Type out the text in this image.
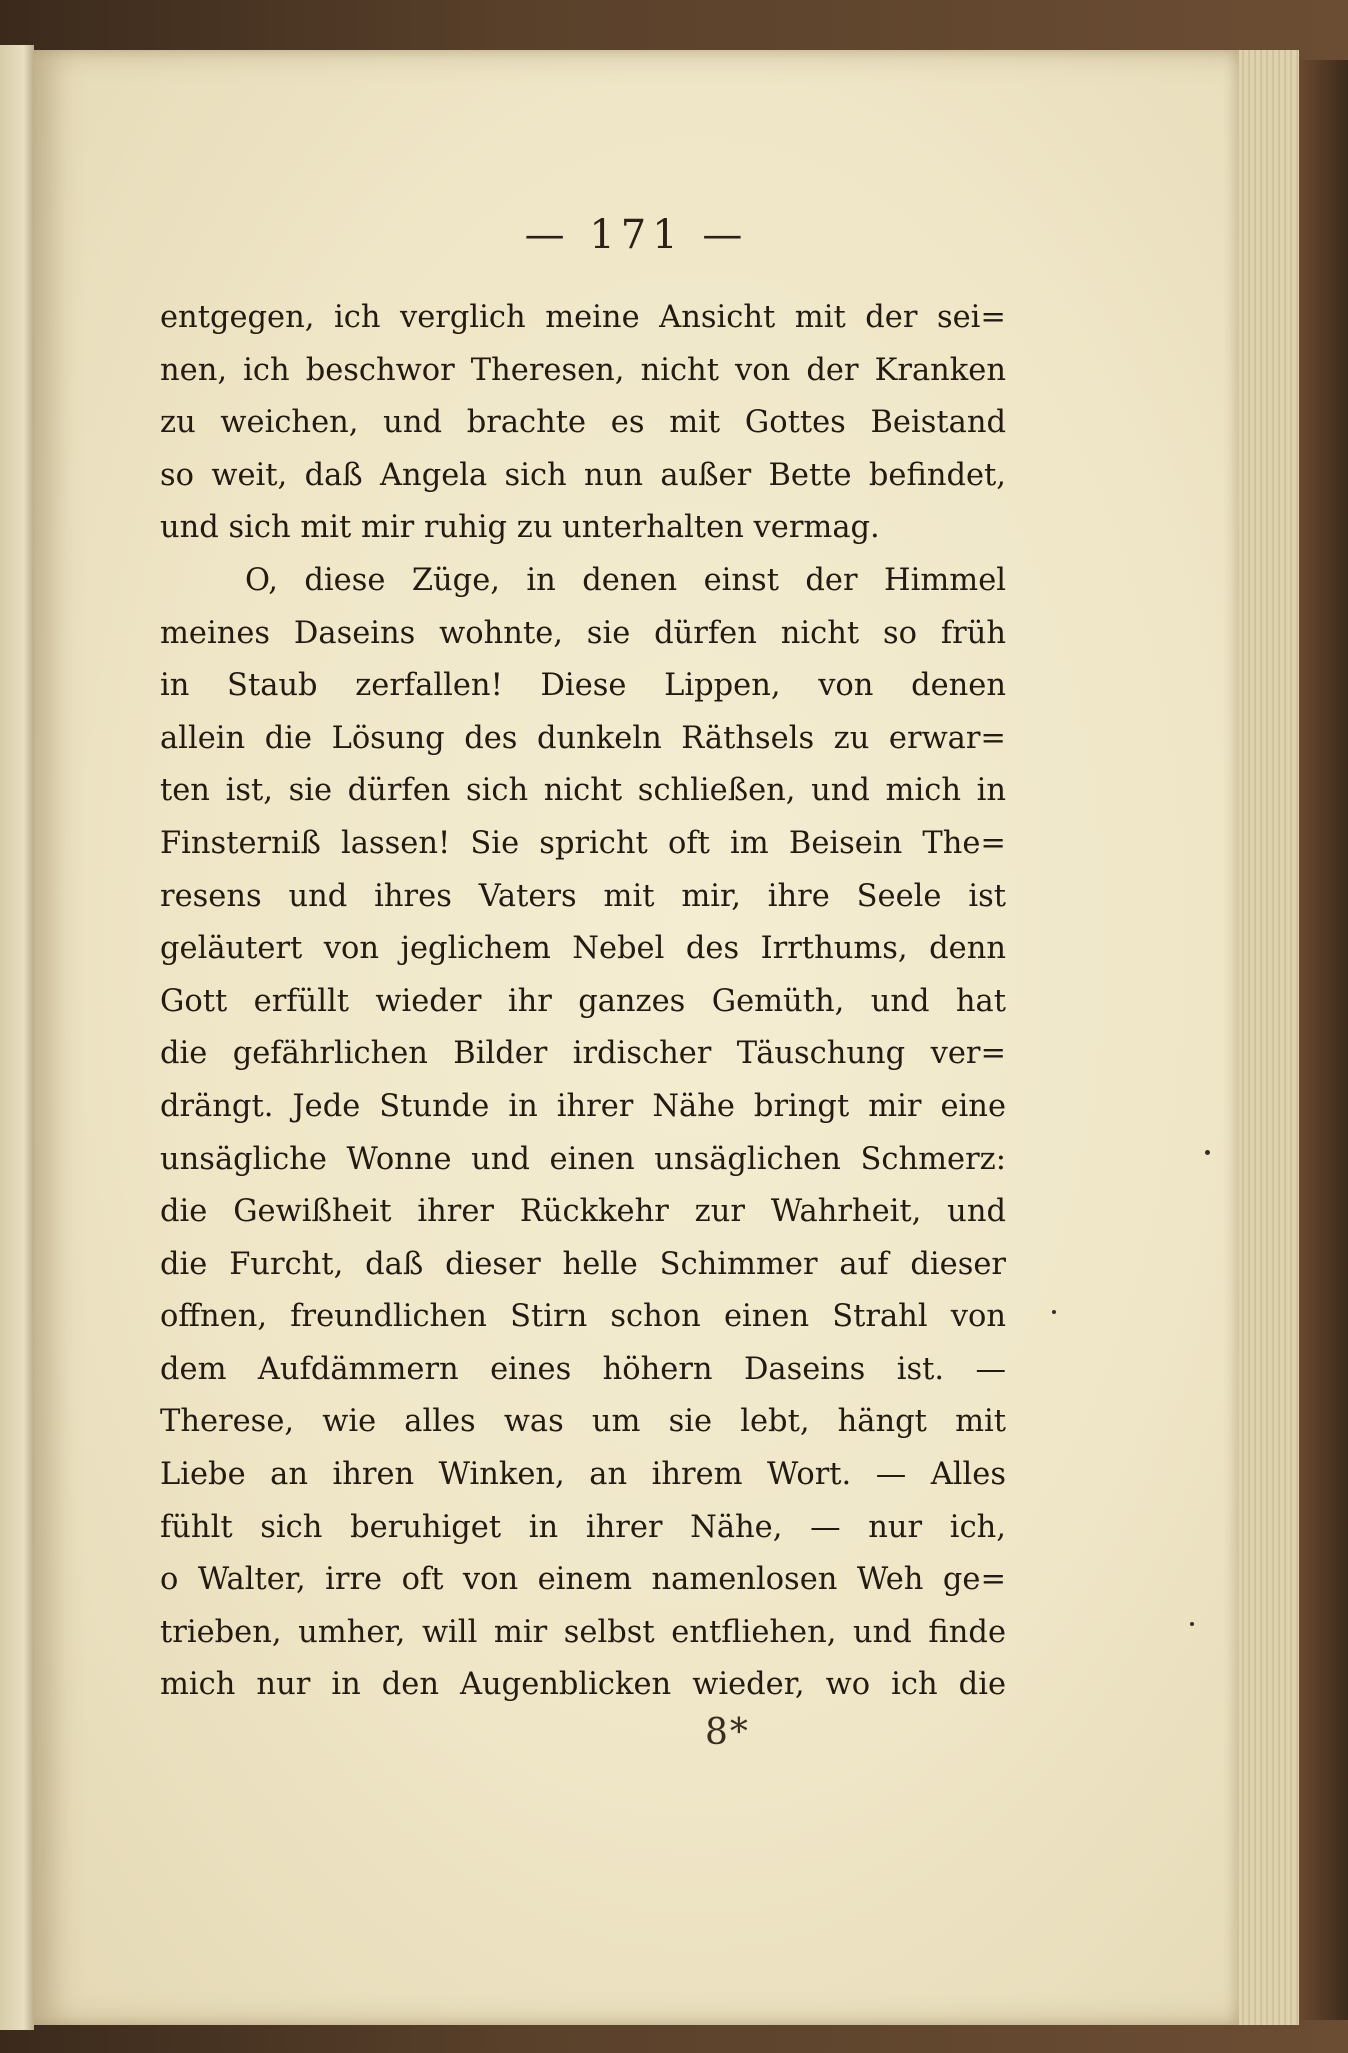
— 171 —
entgegen, ich verglich meine Ansicht mit der sei=
nen, ich beschwor Theresen, nicht von der Kranken
zu weichen, und brachte es mit Gottes Beistand
so weit, daß Angela sich nun außer Bette befindet,
und sich mit mir ruhig zu unterhalten vermag.
O, diese Züge, in denen einst der Himmel
meines Daseins wohnte, sie dürfen nicht so früh
in Staub zerfallen! Diese Lippen, von denen
allein die Lösung des dunkeln Räthsels zu erwar=
ten ist, sie dürfen sich nicht schließen, und mich in
Finsterniß lassen! Sie spricht oft im Beisein The=
resens und ihres Vaters mit mir, ihre Seele ist
geläutert von jeglichem Nebel des Irrthums, denn
Gott erfüllt wieder ihr ganzes Gemüth, und hat
die gefährlichen Bilder irdischer Täuschung ver=
drängt. Jede Stunde in ihrer Nähe bringt mir eine
unsägliche Wonne und einen unsäglichen Schmerz:
die Gewißheit ihrer Rückkehr zur Wahrheit, und
die Furcht, daß dieser helle Schimmer auf dieser
offnen, freundlichen Stirn schon einen Strahl von
dem Aufdämmern eines höhern Daseins ist. —
Therese, wie alles was um sie lebt, hängt mit
Liebe an ihren Winken, an ihrem Wort. — Alles
fühlt sich beruhiget in ihrer Nähe, — nur ich,
o Walter, irre oft von einem namenlosen Weh ge=
trieben, umher, will mir selbst entfliehen, und finde
mich nur in den Augenblicken wieder, wo ich die
8*
